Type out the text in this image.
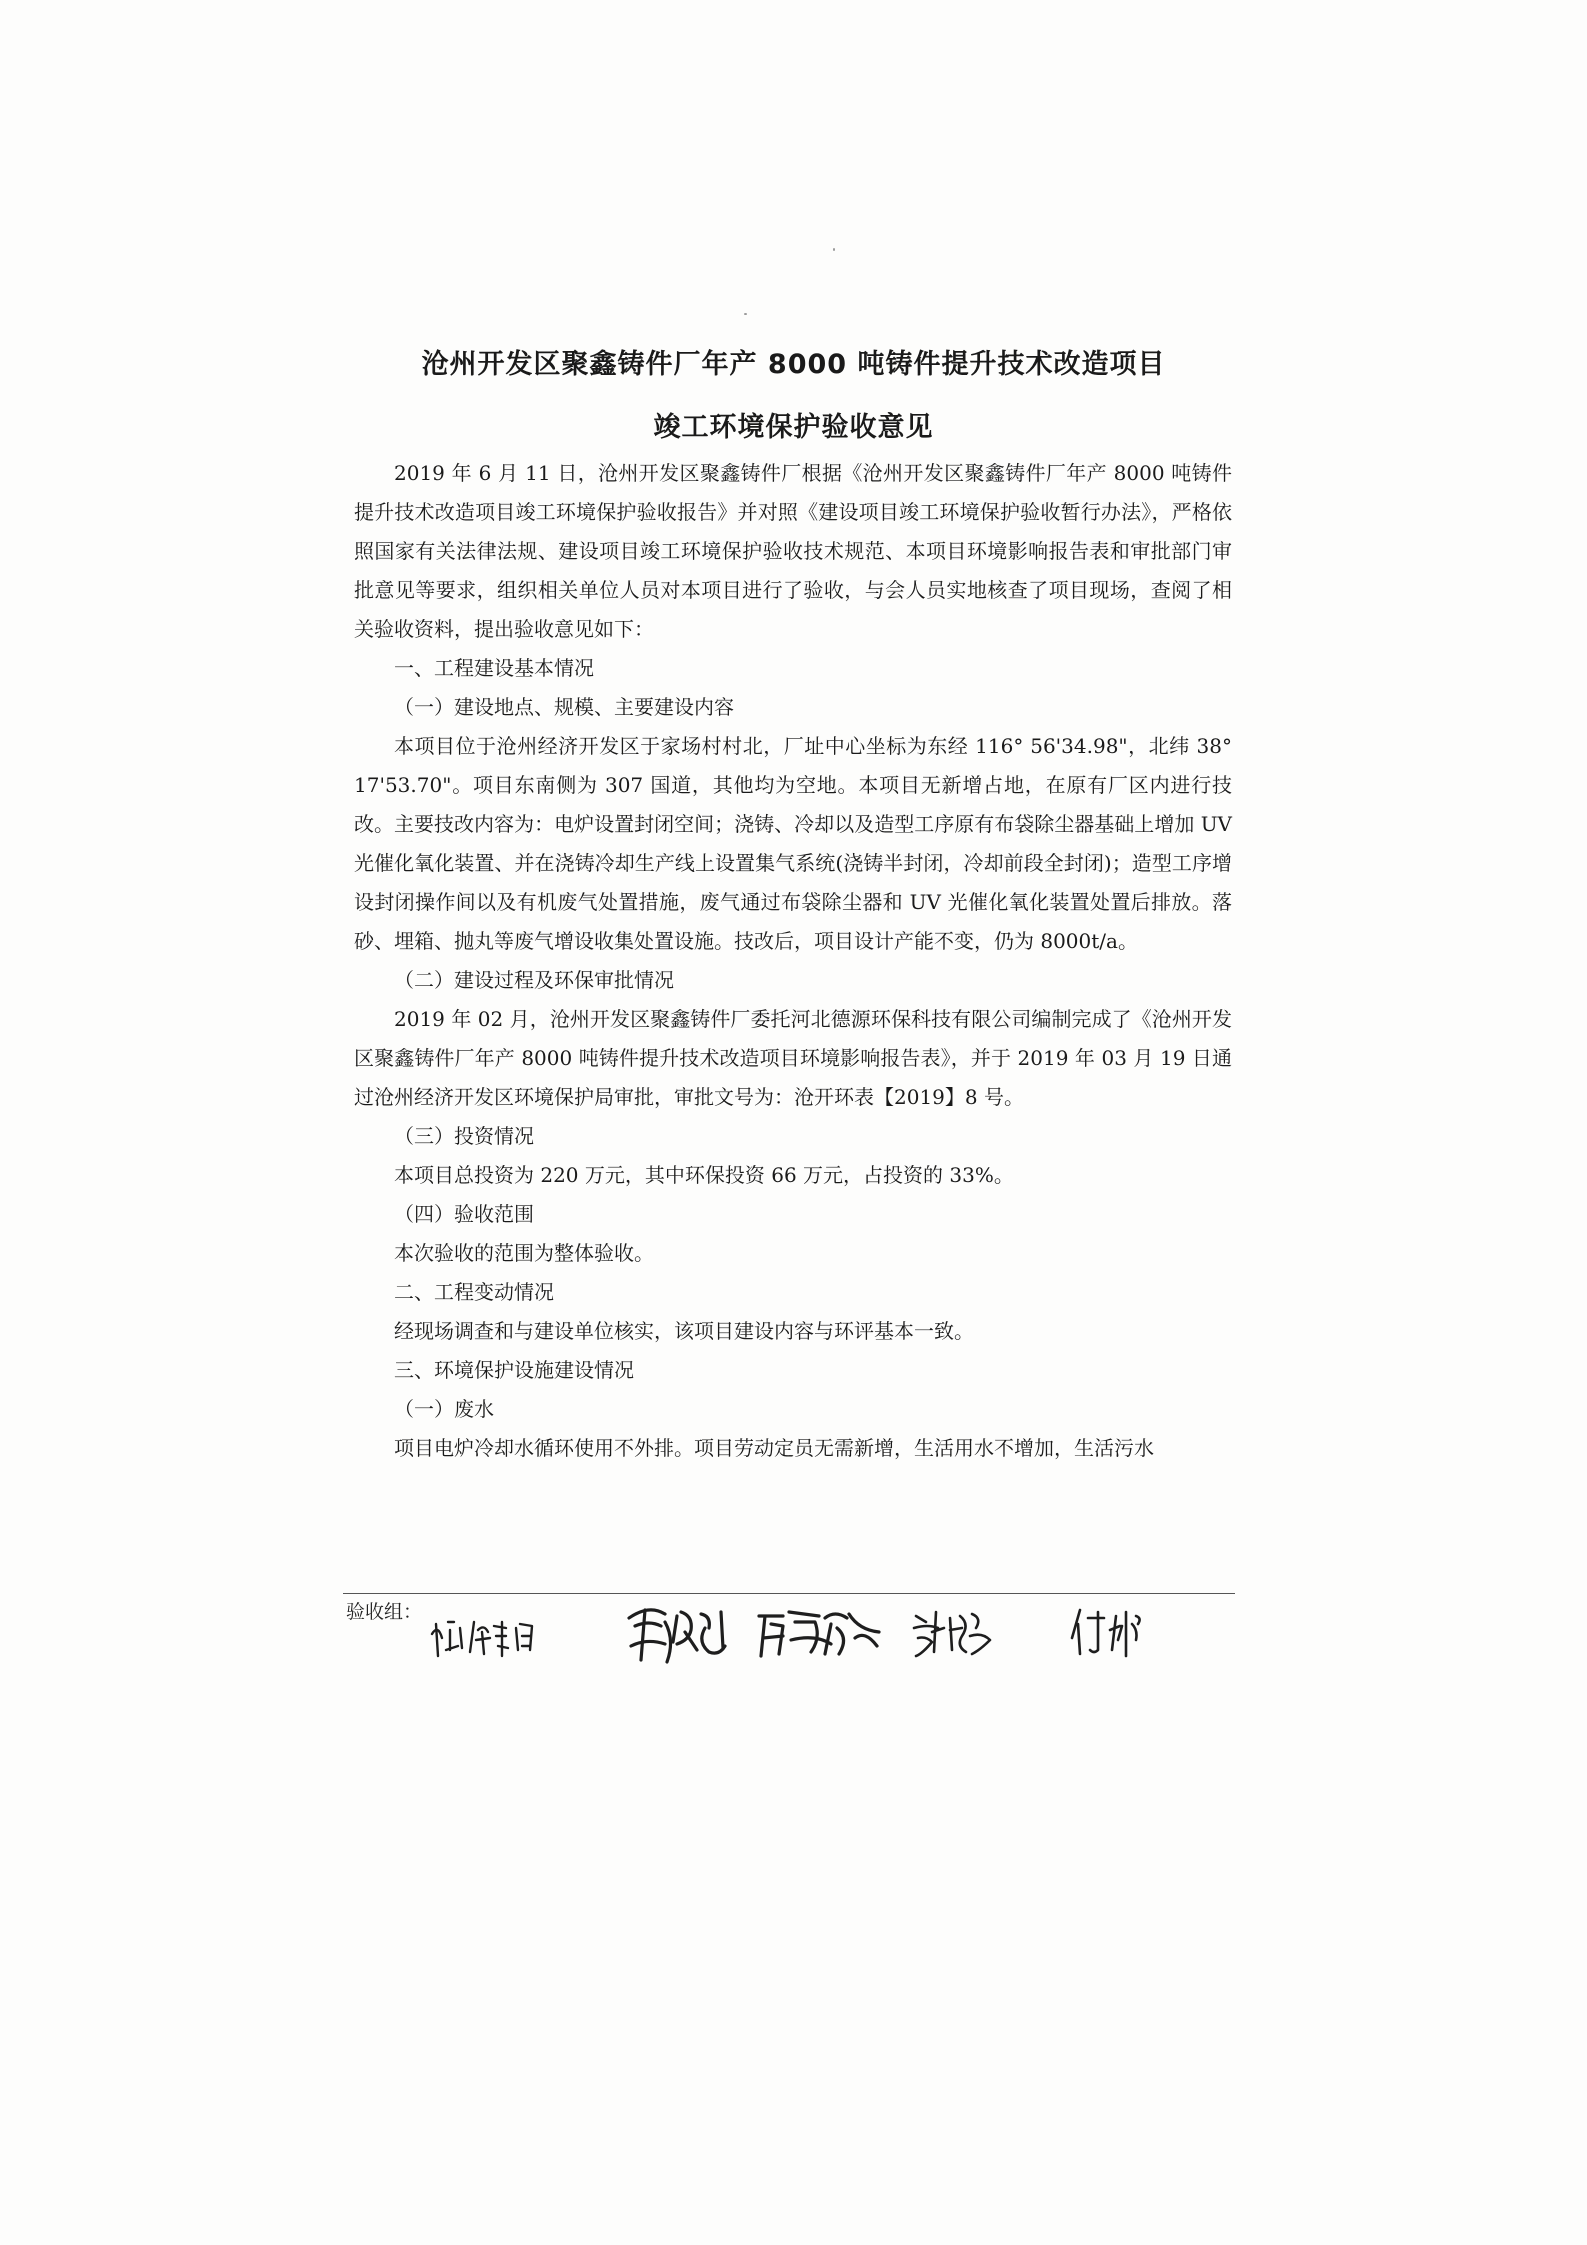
沧州开发区聚鑫铸件厂年产 8000 吨铸件提升技术改造项目
竣工环境保护验收意见

2019 年 6 月 11 日，沧州开发区聚鑫铸件厂根据《沧州开发区聚鑫铸件厂年产 8000 吨铸件提升技术改造项目竣工环境保护验收报告》并对照《建设项目竣工环境保护验收暂行办法》，严格依照国家有关法律法规、建设项目竣工环境保护验收技术规范、本项目环境影响报告表和审批部门审批意见等要求，组织相关单位人员对本项目进行了验收，与会人员实地核查了项目现场，查阅了相关验收资料，提出验收意见如下：

一、工程建设基本情况

（一）建设地点、规模、主要建设内容

本项目位于沧州经济开发区于家场村村北，厂址中心坐标为东经 116° 56'34.98"，北纬 38° 17'53.70"。项目东南侧为 307 国道，其他均为空地。本项目无新增占地，在原有厂区内进行技改。主要技改内容为：电炉设置封闭空间；浇铸、冷却以及造型工序原有布袋除尘器基础上增加 UV 光催化氧化装置、并在浇铸冷却生产线上设置集气系统(浇铸半封闭，冷却前段全封闭)；造型工序增设封闭操作间以及有机废气处置措施，废气通过布袋除尘器和 UV 光催化氧化装置处置后排放。落砂、埋箱、抛丸等废气增设收集处置设施。技改后，项目设计产能不变，仍为 8000t/a。

（二）建设过程及环保审批情况

2019 年 02 月，沧州开发区聚鑫铸件厂委托河北德源环保科技有限公司编制完成了《沧州开发区聚鑫铸件厂年产 8000 吨铸件提升技术改造项目环境影响报告表》，并于 2019 年 03 月 19 日通过沧州经济开发区环境保护局审批，审批文号为：沧开环表【2019】8 号。

（三）投资情况

本项目总投资为 220 万元，其中环保投资 66 万元，占投资的 33%。

（四）验收范围

本次验收的范围为整体验收。

二、工程变动情况

经现场调查和与建设单位核实，该项目建设内容与环评基本一致。

三、环境保护设施建设情况

（一）废水

项目电炉冷却水循环使用不外排。项目劳动定员无需新增，生活用水不增加，生活污水

验收组：
